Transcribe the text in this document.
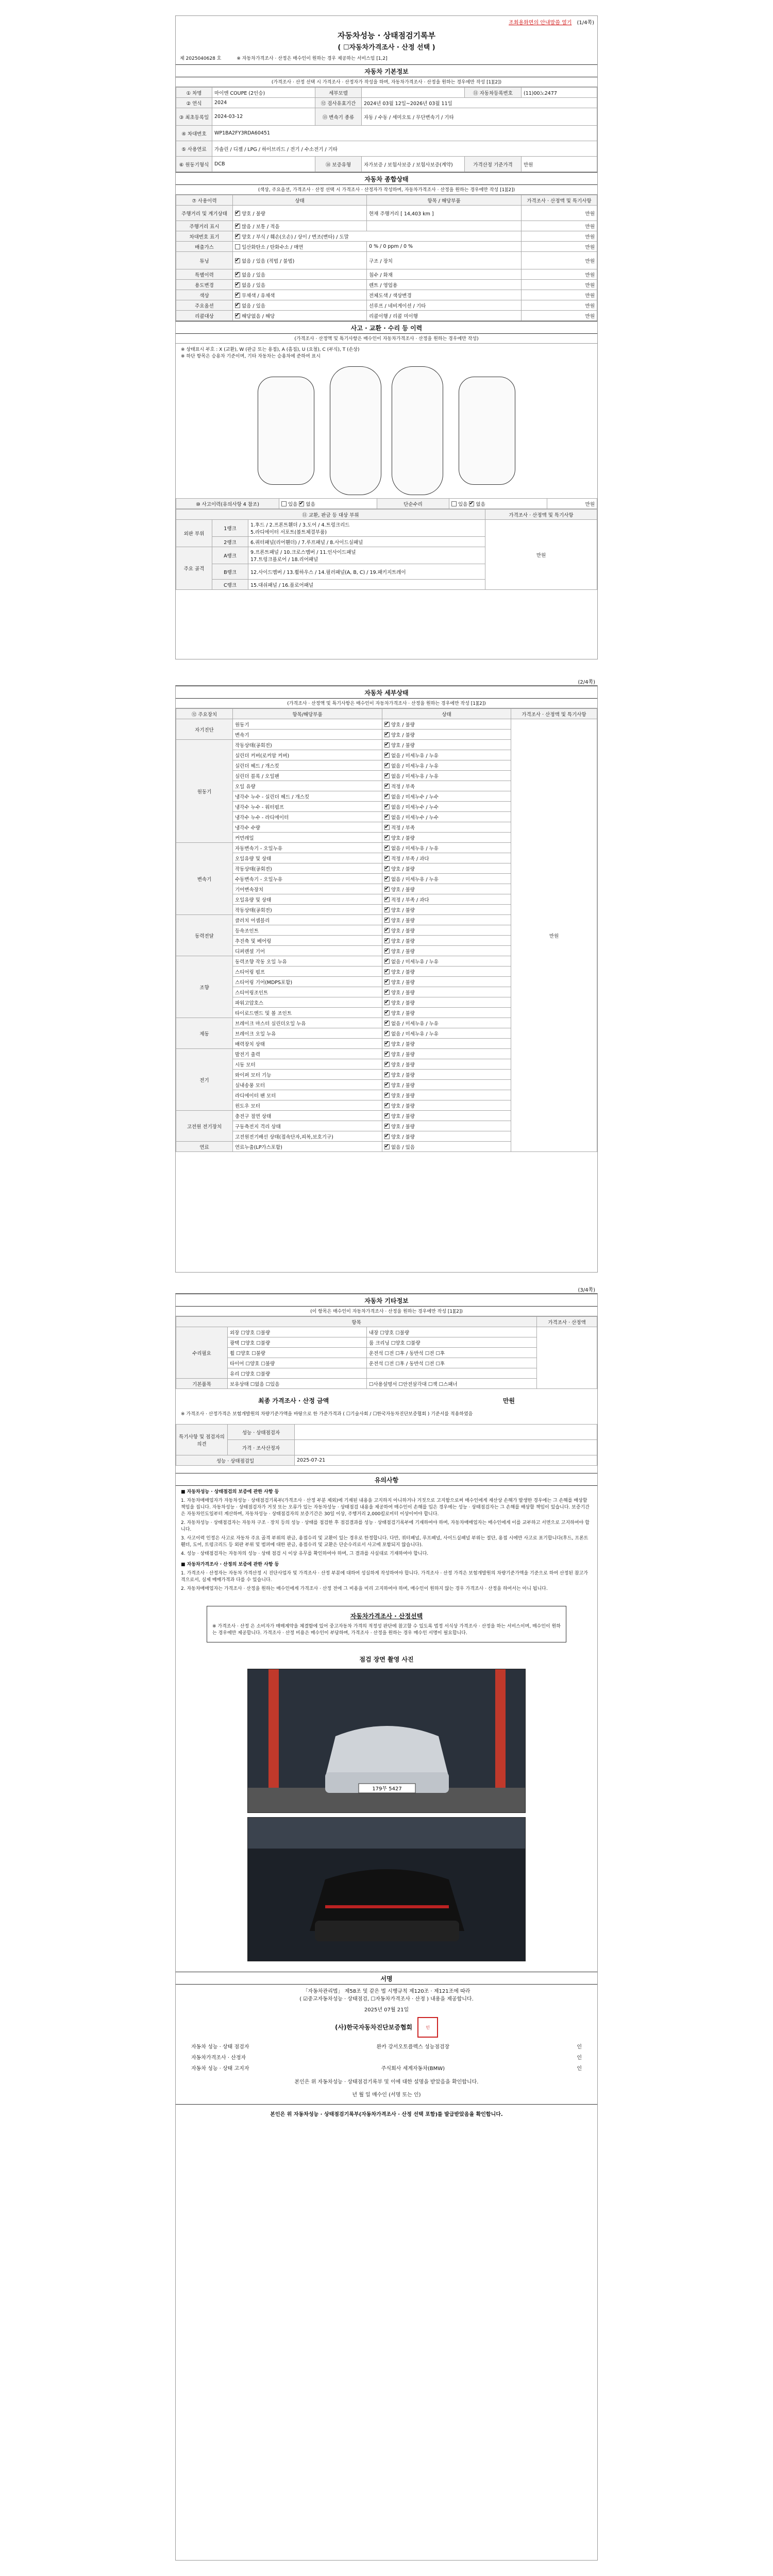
조회용화면의 안내말씀 열기 (1/4쪽)
자동차성능 · 상태점검기록부
( ☐자동차가격조사 · 산정 선택 )
제 2025040628 호	※ 자동차가격조사 · 산정은 매수인이 원하는 경우 제공하는 서비스임 [1,2]
자동차 기본정보
(가격조사 · 산정 선택 시 가격조사 · 산정자가 작성을 하며, 자동차가격조사 · 산정을 원하는 경우에만 작성 [1][2])
① 차명	마이엔 COUPE (2인승)	세부모델		⑪ 자동차등록번호	(11)00노2477
② 연식	2024	⑫ 검사유효기간	2024년 03월 12일~2026년 03월 11일		
③ 최초등록일	2024-03-12	⑬ 변속기 종류	자동 / 수동 / 세미오토 / 무단변속기 / 기타		
④ 차대번호	WP1BA2FY3RDA60451				
⑤ 사용연료	가솔린 / 디젤 / LPG / 하이브리드 / 전기 / 수소전기 / 기타				
⑥ 원동기형식	DCB	⑭ 보증유형	자가보증 / 보험사보증 / 보험사보증(계약)	가격산정 기준가격	만원
자동차 종합상태
(색상, 주요옵션, 가격조사 · 산정 선택 시 가격조사 · 산정자가 작성하며, 자동차가격조사 · 산정을 원하는 경우에만 작성 [1][2])
⑦ 사용이력	상태	항목 / 해당부품	가격조사 · 산정액 및 특기사항
주행거리 및 계기상태	✔양호 / 불량	현재 주행거리 [ 14,403 km ]	만원
주행거리 표시	✔많음 / 보통 / 적음		만원
차대번호 표기	✔양호 / 부식 / 훼손(오손) / 상이 / 변조(변타) / 도말		만원
배출가스	일산화탄소 / 탄화수소 / 매연	0 % / 0 ppm / 0 %	만원
튜닝	✔없음 / 있음 (적법 / 불법)	구조 / 장치	만원
특별이력	✔없음 / 있음	침수 / 화재	만원
용도변경	✔없음 / 있음	렌트 / 영업용	만원
색상	✔무채색 / 유채색	전체도색 / 색상변경	만원
주요옵션	✔없음 / 있음	선루프 / 네비게이션 / 기타	만원
리콜대상	✔해당없음 / 해당	리콜이행 / 리콜 미이행	만원
사고 · 교환 · 수리 등 이력
(가격조사 · 산정액 및 특기사항은 매수인이 자동차가격조사 · 산정을 원하는 경우에만 작성)
※ 상태표시 부호 : X (교환), W (판금 또는 용접), A (흠집), U (요철), C (부식), T (손상)
※ 하단 항목은 승용차 기준이며, 기타 자동차는 승용차에 준하여 표시
⑩ 사고이력(유의사항 4 참조)	있음 ✔ 없음	단순수리	있음 ✔ 없음	만원
⑪ 교환, 판금 등 대상 부위			가격조사 · 산정액 및 특기사항
외판 부위	1랭크	1.후드 / 2.프론트휀더 / 3.도어 / 4.트렁크리드
5.라디에이터 서포트(볼트체결부품)	만원
	2랭크	6.쿼터패널(리어휀더) / 7.루프패널 / 8.사이드실패널	
주요 골격	A랭크	9.프론트패널 / 10.크로스멤버 / 11.인사이드패널
17.트렁크플로어 / 18.리어패널	

	B랭크	12.사이드멤버 / 13.휠하우스 / 14.필러패널(A, B, C) / 19.패키지트레이	
	C랭크	15.대쉬패널 / 16.플로어패널	
(2/4쪽)
자동차 세부상태
(가격조사 · 산정액 및 특기사항은 매수인이 자동차가격조사 · 산정을 원하는 경우에만 작성 [1][2])
⑫ 주요장치	항목/해당부품	상태	가격조사 · 산정액 및 특기사항
자기진단	원동기	✔양호 / 불량	만원
	변속기	✔양호 / 불량
원동기	작동상태(공회전)	✔양호 / 불량
	실린더 커버(로커암 커버)	✔없음 / 미세누유 / 누유
	실린더 헤드 / 개스킷	✔없음 / 미세누유 / 누유
	실린더 블록 / 오일팬	✔없음 / 미세누유 / 누유
	오일 유량	✔적정 / 부족
	냉각수 누수 - 실린더 헤드 / 개스킷	✔없음 / 미세누수 / 누수
	냉각수 누수 - 워터펌프	✔없음 / 미세누수 / 누수
	냉각수 누수 - 라디에이터	✔없음 / 미세누수 / 누수
	냉각수 수량	✔적정 / 부족
	커먼레일	✔양호 / 불량
변속기	자동변속기 - 오일누유	✔없음 / 미세누유 / 누유
	오일유량 및 상태	✔적정 / 부족 / 과다
	작동상태(공회전)	✔양호 / 불량
	수동변속기 - 오일누유	✔없음 / 미세누유 / 누유
	기어변속장치	✔양호 / 불량
	오일유량 및 상태	✔적정 / 부족 / 과다
	작동상태(공회전)	✔양호 / 불량
동력전달	클러치 어셈블리	✔양호 / 불량
	등속조인트	✔양호 / 불량
	추진축 및 베어링	✔양호 / 불량
	디퍼렌셜 기어	✔양호 / 불량
조향	동력조향 작동 오일 누유	✔없음 / 미세누유 / 누유
	스티어링 펌프	✔양호 / 불량
	스티어링 기어(MDPS포함)	✔양호 / 불량
	스티어링조인트	✔양호 / 불량
	파워고압호스	✔양호 / 불량
	타이로드엔드 및 볼 조인트	✔양호 / 불량
제동	브레이크 마스터 실린더오일 누유	✔없음 / 미세누유 / 누유
	브레이크 오일 누유	✔없음 / 미세누유 / 누유
	배력장치 상태	✔양호 / 불량
전기	발전기 출력	✔양호 / 불량
	시동 모터	✔양호 / 불량
	와이퍼 모터 기능	✔양호 / 불량
	실내송풍 모터	✔양호 / 불량
	라디에이터 팬 모터	✔양호 / 불량
	윈도우 모터	✔양호 / 불량
고전원 전기장치	충전구 절연 상태	✔양호 / 불량
	구동축전지 격리 상태	✔양호 / 불량
	고전원전기배선 상태(접속단자,피복,보호기구)	✔양호 / 불량
연료	연료누출(LP가스포함)	✔없음 / 있음
(3/4쪽)
자동차 기타정보
(이 항목은 매수인이 자동차가격조사 · 산정을 원하는 경우에만 작성 [1][2])
항목			가격조사 · 산정액
수리필요	외장 ☐양호 ☐불량	내장 ☐양호 ☐불량	
	광택 ☐양호 ☐불량	룸 크리닝 ☐양호 ☐불량	
	휠 ☐양호 ☐불량	운전석 ☐전 ☐후 / 동반석 ☐전 ☐후	
	타이어 ☐양호 ☐불량	운전석 ☐전 ☐후 / 동반석 ☐전 ☐후	
	유리 ☐양호 ☐불량		
기본품목	보유상태 ☐없음 ☐있음	☐사용설명서 ☐안전삼각대 ☐잭 ☐스패너	
최종 가격조사 · 산정 금액	만원
※ 가격조사 · 산정가격은 보험개발원의 차량기준가액을 바탕으로 한 가준가격과 ( ☐기술사회 / ☐한국자동차진단보증협회 ) 기준서를 적용하였음
특기사항 및 점검자의 의견	성능 · 상태점검자	
	가격 · 조사산정자	
성능 · 상태점검일		2025-07-21
유의사항
■ 자동차성능 · 상태점검의 보증에 관한 사항 등
1. 자동차매매업자가 자동차성능 · 상태점검기록부(가격조사 · 산정 부분 제외)에 기재된 내용을 고지하지 아니하거나 거짓으로 고지함으로써 매수인에게 재산상 손해가 발생한 경우에는 그 손해를 배상할 책임을 집니다. 자동차성능 · 상태점검자가 거짓 또는 오류가 있는 자동차성능 · 상태점검 내용을 제공하여 매수인이 손해를 입은 경우에는 성능 · 상태점검자는 그 손해를 배상할 책임이 있습니다. 보증기간은 자동차인도일부터 계산하며, 자동차성능 · 상태점검자의 보증기간은 30일 이상, 주행거리 2,000킬로미터 이상이어야 합니다.
2. 자동차성능 · 상태점검자는 자동차 구조 · 장치 등의 성능 · 상태를 점검한 후 점검결과를 성능 · 상태점검기록부에 기재하여야 하며, 자동차매매업자는 매수인에게 이를 교부하고 서면으로 고지하여야 합니다.
3. 사고이력 인정은 사고로 자동차 주요 골격 부위의 판금, 용접수리 및 교환이 있는 경우로 한정합니다. 다만, 쿼터패널, 루프패널, 사이드실패널 부위는 절단, 용접 시에만 사고로 표기합니다(후드, 프론트휀더, 도어, 트렁크리드 등 외판 부위 및 범퍼에 대한 판금, 용접수리 및 교환은 단순수리로서 사고에 포함되지 않습니다).
4. 성능 · 상태점검자는 자동차의 성능 · 상태 점검 시 이상 유무를 확인하여야 하며, 그 결과를 사실대로 기재하여야 합니다.
■ 자동차가격조사 · 산정의 보증에 관한 사항 등
1. 가격조사 · 산정자는 자동차 가격산정 시 진단사업자 및 가격조사 · 산정 부분에 대하여 성실하게 작성하여야 합니다. 가격조사 · 산정 가격은 보험개발원의 차량기준가액을 기준으로 하여 산정된 참고가격으로서, 실제 매매가격과 다를 수 있습니다.
2. 자동차매매업자는 가격조사 · 산정을 원하는 매수인에게 가격조사 · 산정 전에 그 비용을 미리 고지하여야 하며, 매수인이 원하지 않는 경우 가격조사 · 산정을 하여서는 아니 됩니다.
자동차가격조사 · 산정선택
※ 가격조사 · 산정 은 소비자가 매매계약을 체결함에 있어 중고자동차 가격의 적정성 판단에 참고할 수 있도록 법정 서식상 가격조사 · 산정을 하는 서비스이며, 매수인이 원하는 경우에만 제공합니다. 가격조사 · 산정 비용은 매수인이 부담하며, 가격조사 · 산정을 원하는 경우 매수인 서명이 필요합니다.
점검 장면 촬영 사진
179무 5427
서명
「자동차관리법」 제58조 및 같은 법 시행규칙 제120조 · 제121조에 따라
( ☑중고자동차성능 · 상태점검, ☐자동차가격조사 · 산정 ) 내용을 제공합니다.
2025년 07월 21일
(사)한국자동차진단보증협회	인
자동차 성능 · 상태 점검자	완카 강서오토플렉스 성능점검장	인
자동차가격조사 · 산정자	인
자동차 성능 · 상태 고지자	주식회사 세계자동차(BMW)	인
본인은 위 자동차성능 · 상태점검기록부 및 이에 대한 설명을 받았음을 확인합니다.
년 월 일 매수인 (서명 또는 인)
본인은 위 자동차성능 · 상태점검기록부(자동차가격조사 · 산정 선택 포함)를 발급받았음을 확인합니다.
